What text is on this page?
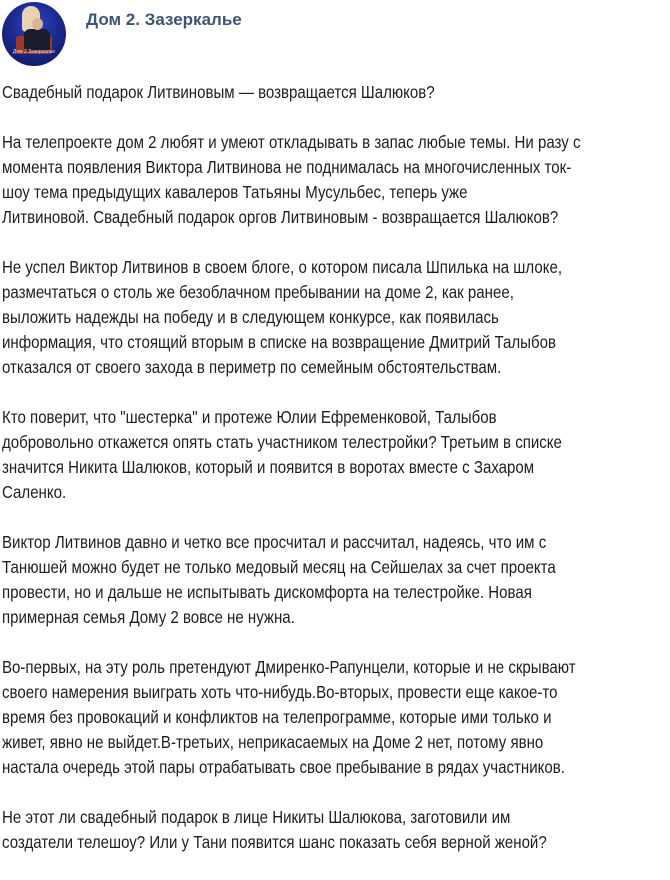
Дом 2 Зазеркалье
Дом 2. Зазеркалье
Свадебный подарок Литвиновым — возвращается Шалюков?
На телепроекте дом 2 любят и умеют откладывать в запас любые темы. Ни разу с
момента появления Виктора Литвинова не поднималась на многочисленных ток-
шоу тема предыдущих кавалеров Татьяны Мусульбес, теперь уже
Литвиновой. Свадебный подарок оргов Литвиновым - возвращается Шалюков?
Не успел Виктор Литвинов в своем блоге, о котором писала Шпилька на шлоке,
размечтаться о столь же безоблачном пребывании на доме 2, как ранее,
выложить надежды на победу и в следующем конкурсе, как появилась
информация, что стоящий вторым в списке на возвращение Дмитрий Талыбов
отказался от своего захода в периметр по семейным обстоятельствам.
Кто поверит, что "шестерка" и протеже Юлии Ефременковой, Талыбов
добровольно откажется опять стать участником телестройки? Третьим в списке
значится Никита Шалюков, который и появится в воротах вместе с Захаром
Саленко.
Виктор Литвинов давно и четко все просчитал и рассчитал, надеясь, что им с
Танюшей можно будет не только медовый месяц на Сейшелах за счет проекта
провести, но и дальше не испытывать дискомфорта на телестройке. Новая
примерная семья Дому 2 вовсе не нужна.
Во-первых, на эту роль претендуют Дмиренко-Рапунцели, которые и не скрывают
своего намерения выиграть хоть что-нибудь.Во-вторых, провести еще какое-то
время без провокаций и конфликтов на телепрограмме, которые ими только и
живет, явно не выйдет.В-третьих, неприкасаемых на Доме 2 нет, потому явно
настала очередь этой пары отрабатывать свое пребывание в рядах участников.
Не этот ли свадебный подарок в лице Никиты Шалюкова, заготовили им
создатели телешоу? Или у Тани появится шанс показать себя верной женой?
